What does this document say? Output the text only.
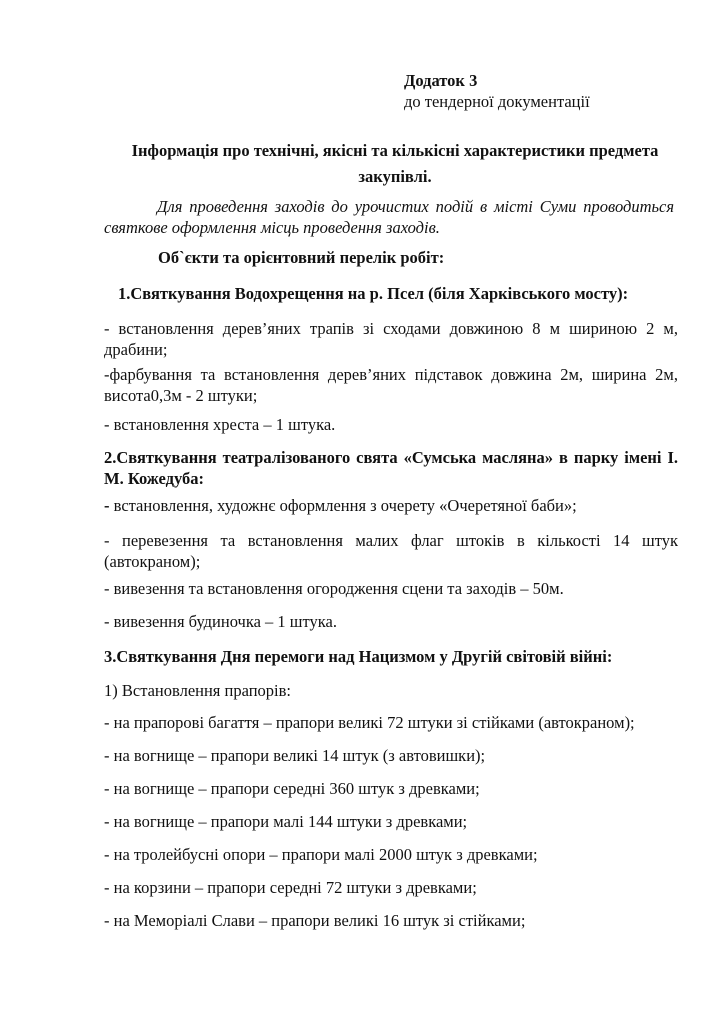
Додаток 3
до тендерної документації
Інформація про технічні, якісні та кількісні характеристики предмета закупівлі.
Для проведення заходів до урочистих подій в місті Суми проводиться святкове оформлення місць проведення заходів.
Об`єкти та орієнтовний перелік робіт:
1.Святкування Водохрещення на р. Псел (біля Харківського мосту):
- встановлення дерев’яних трапів зі сходами довжиною 8 м шириною 2 м, драбини;
-фарбування та встановлення дерев’яних підставок довжина 2м, ширина 2м, висота0,3м - 2 штуки;
- встановлення хреста – 1 штука.
2.Святкування театралізованого свята «Сумська масляна» в парку імені І. М. Кожедуба:
- встановлення, художнє оформлення з очерету «Очеретяної баби»;
- перевезення та встановлення малих флаг штоків в кількості 14 штук (автокраном);
- вивезення та встановлення огородження сцени та заходів – 50м.
- вивезення будиночка – 1 штука.
3.Святкування Дня перемоги над Нацизмом у Другій світовій війні:
1) Встановлення прапорів:
- на прапорові багаття – прапори великі 72 штуки зі стійками (автокраном);
- на вогнище – прапори великі 14 штук (з автовишки);
- на вогнище – прапори середні 360 штук з древками;
- на вогнище – прапори малі 144 штуки з древками;
- на тролейбусні опори – прапори малі 2000 штук з древками;
- на корзини – прапори середні 72 штуки з древками;
- на Меморіалі Слави – прапори великі 16 штук зі стійками;
